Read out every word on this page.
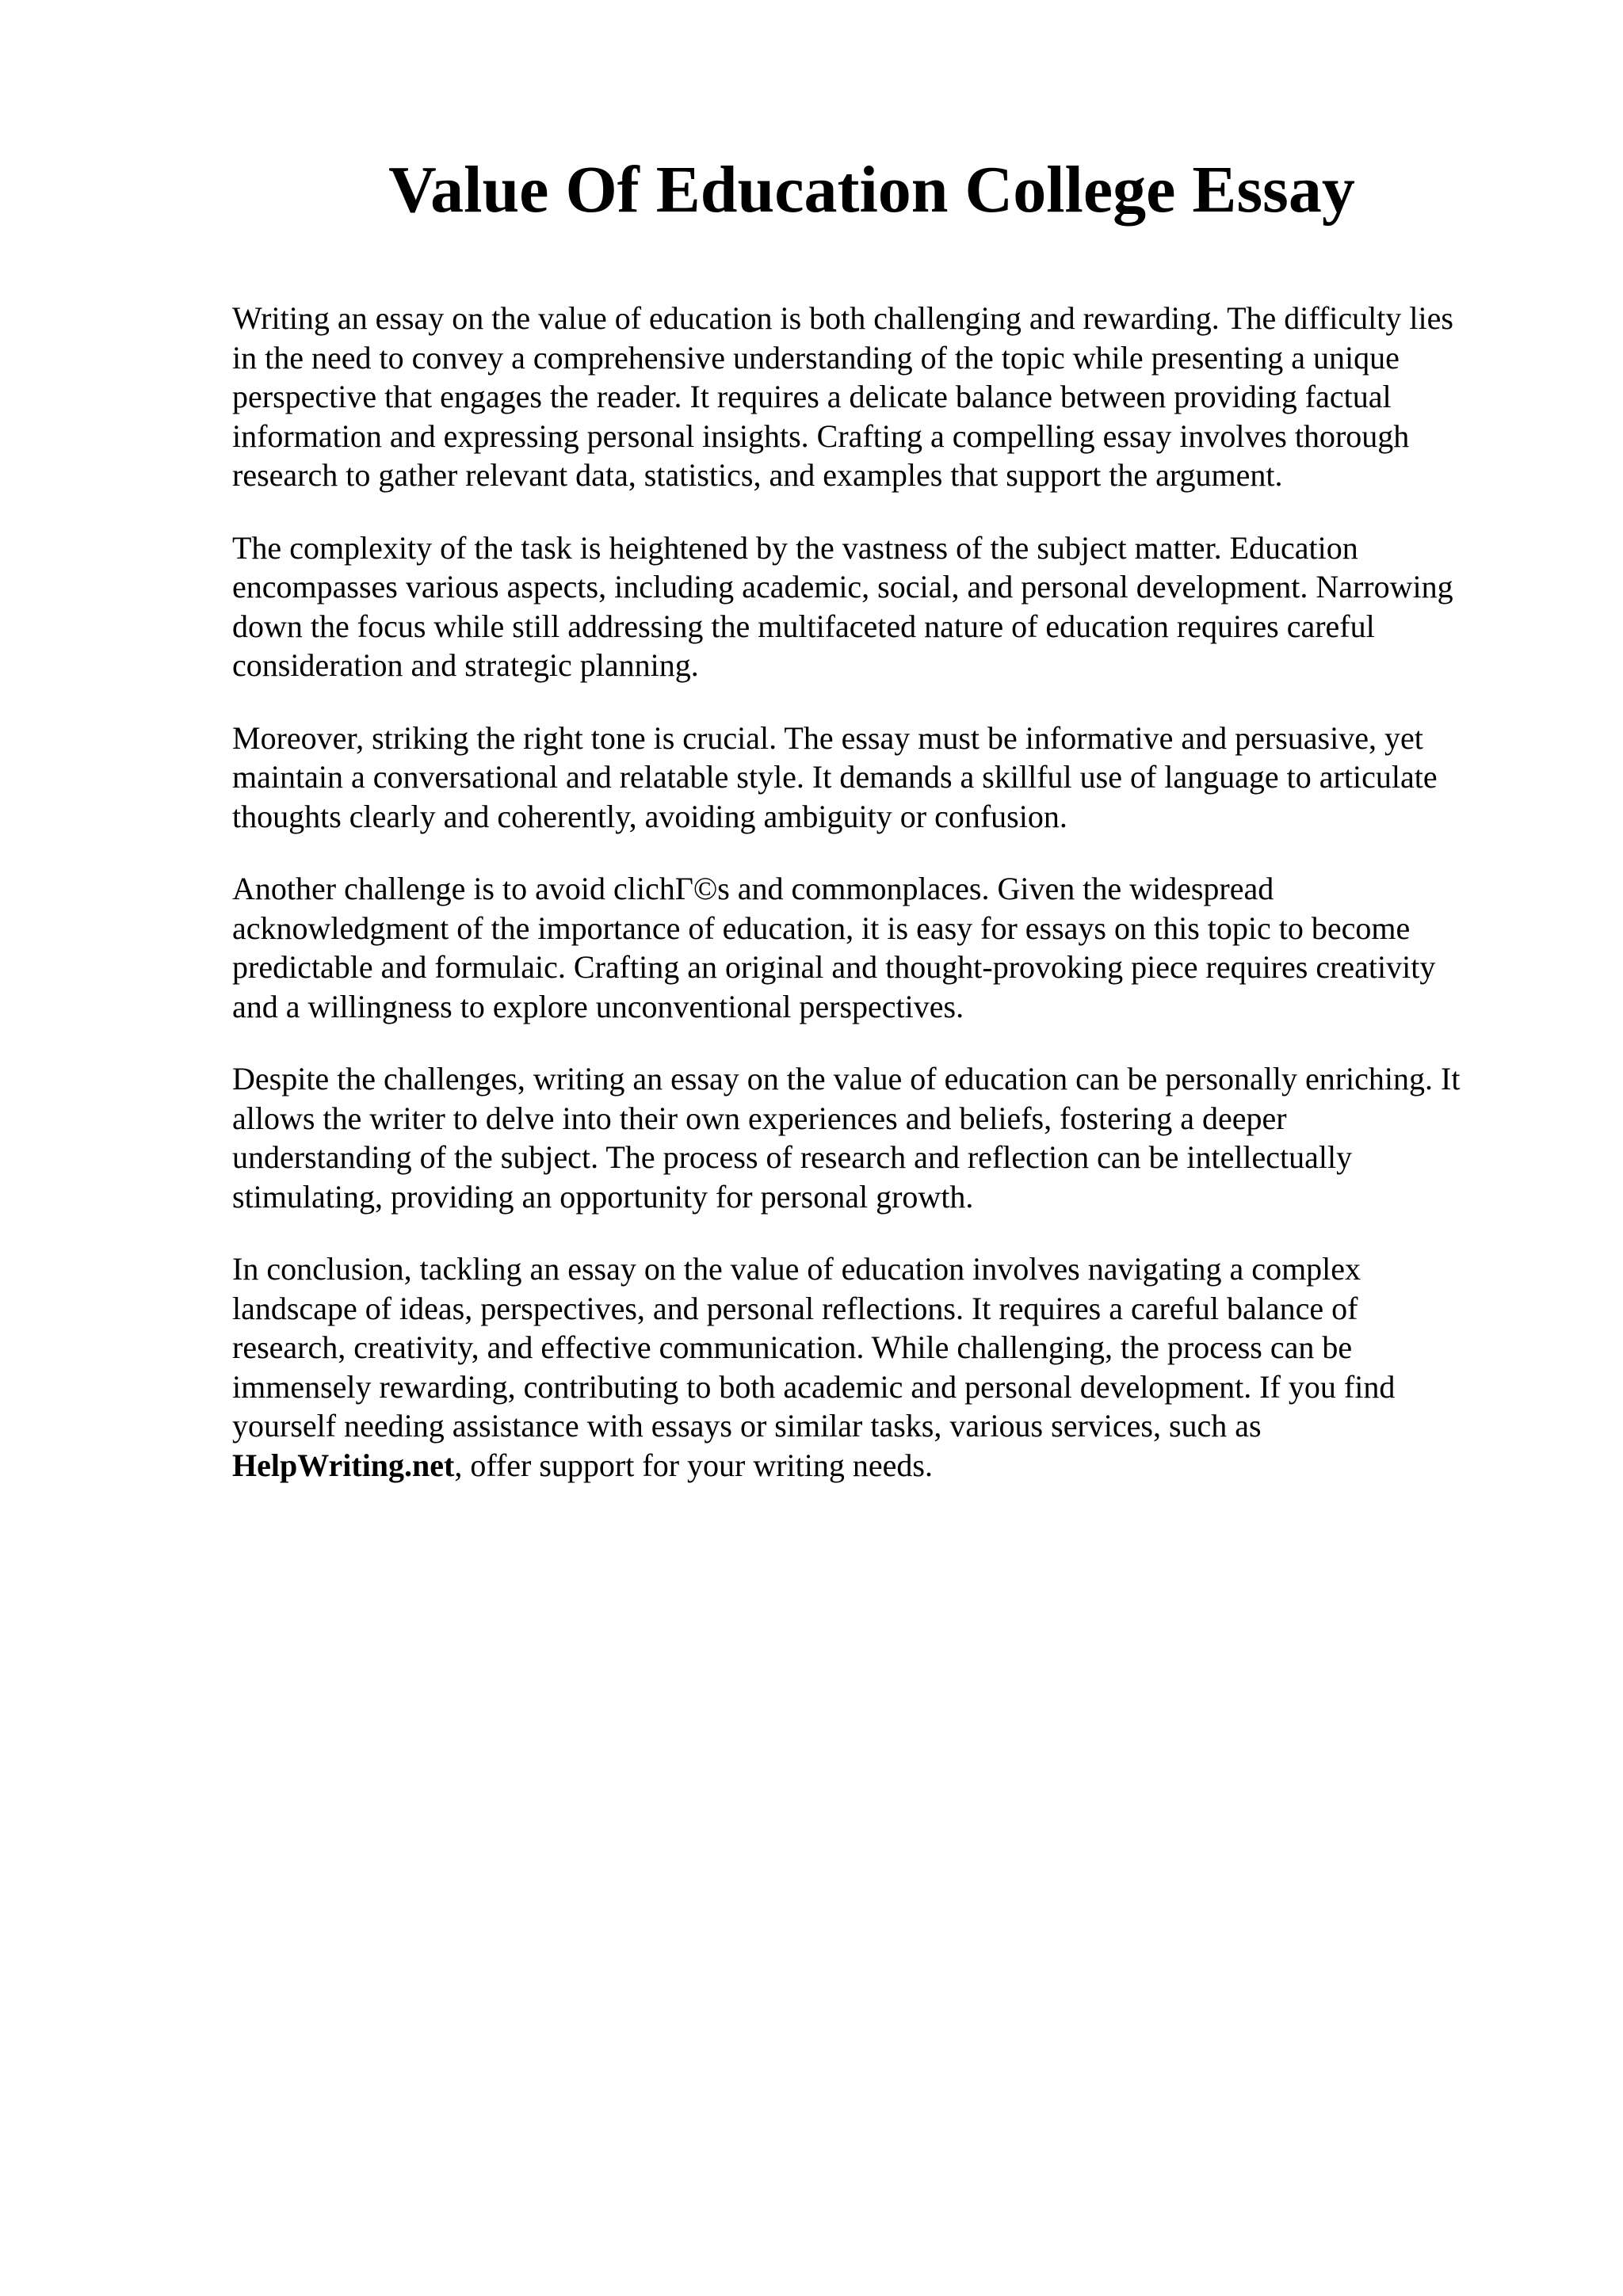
Value Of Education College Essay

Writing an essay on the value of education is both challenging and rewarding. The difficulty lies
in the need to convey a comprehensive understanding of the topic while presenting a unique
perspective that engages the reader. It requires a delicate balance between providing factual
information and expressing personal insights. Crafting a compelling essay involves thorough
research to gather relevant data, statistics, and examples that support the argument.

The complexity of the task is heightened by the vastness of the subject matter. Education
encompasses various aspects, including academic, social, and personal development. Narrowing
down the focus while still addressing the multifaceted nature of education requires careful
consideration and strategic planning.

Moreover, striking the right tone is crucial. The essay must be informative and persuasive, yet
maintain a conversational and relatable style. It demands a skillful use of language to articulate
thoughts clearly and coherently, avoiding ambiguity or confusion.

Another challenge is to avoid clichΓ©s and commonplaces. Given the widespread
acknowledgment of the importance of education, it is easy for essays on this topic to become
predictable and formulaic. Crafting an original and thought-provoking piece requires creativity
and a willingness to explore unconventional perspectives.

Despite the challenges, writing an essay on the value of education can be personally enriching. It
allows the writer to delve into their own experiences and beliefs, fostering a deeper
understanding of the subject. The process of research and reflection can be intellectually
stimulating, providing an opportunity for personal growth.

In conclusion, tackling an essay on the value of education involves navigating a complex
landscape of ideas, perspectives, and personal reflections. It requires a careful balance of
research, creativity, and effective communication. While challenging, the process can be
immensely rewarding, contributing to both academic and personal development. If you find
yourself needing assistance with essays or similar tasks, various services, such as
HelpWriting.net, offer support for your writing needs.
